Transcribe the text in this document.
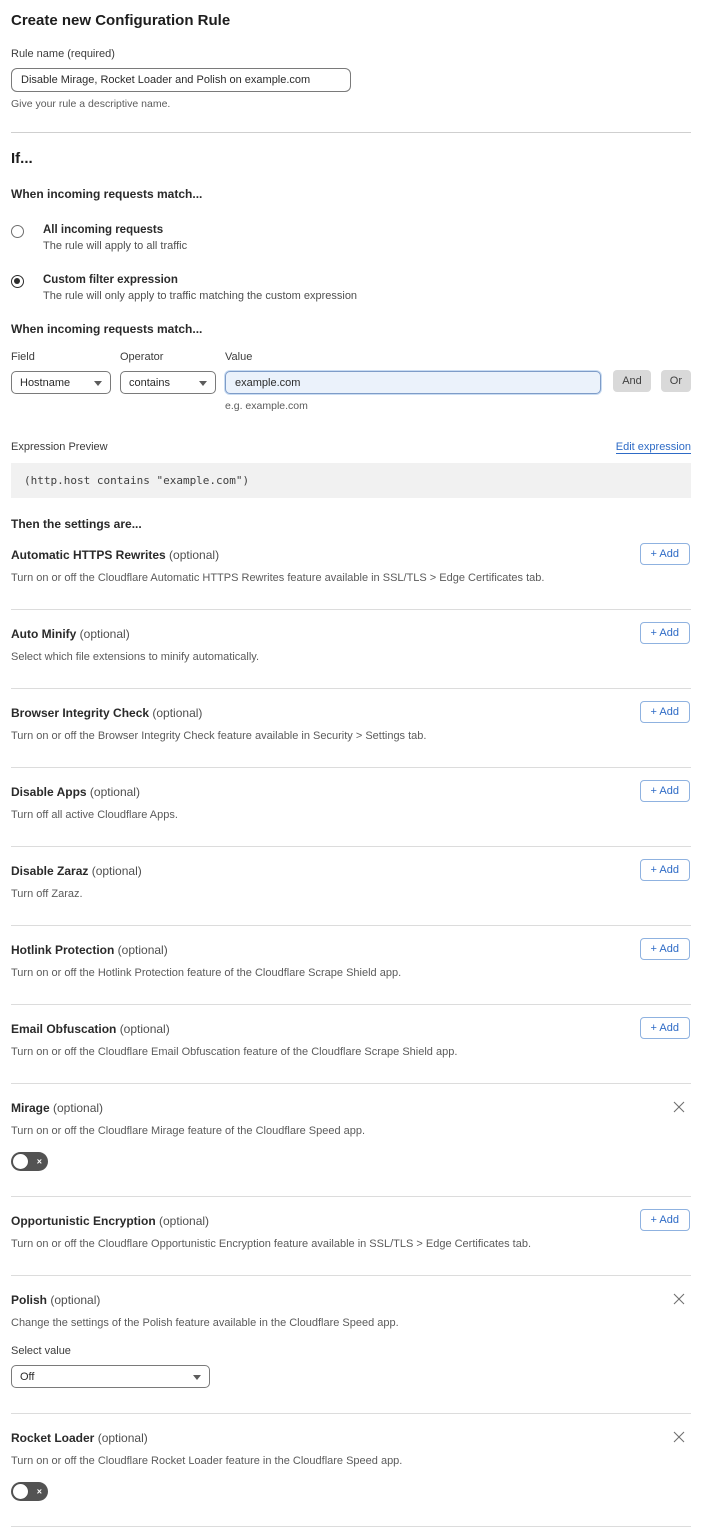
Create new Configuration Rule
Rule name (required)
Disable Mirage, Rocket Loader and Polish on example.com
Give your rule a descriptive name.
If...
When incoming requests match...
All incoming requests
The rule will apply to all traffic
Custom filter expression
The rule will only apply to traffic matching the custom expression
When incoming requests match...
Field
Hostname
Operator
contains
Value
example.com
e.g. example.com
And	Or
Expression Preview	Edit expression
(http.host contains "example.com")
Then the settings are...
Automatic HTTPS Rewrites (optional)	+ Add
Turn on or off the Cloudflare Automatic HTTPS Rewrites feature available in SSL/TLS > Edge Certificates tab.
Auto Minify (optional)	+ Add
Select which file extensions to minify automatically.
Browser Integrity Check (optional)	+ Add
Turn on or off the Browser Integrity Check feature available in Security > Settings tab.
Disable Apps (optional)	+ Add
Turn off all active Cloudflare Apps.
Disable Zaraz (optional)	+ Add
Turn off Zaraz.
Hotlink Protection (optional)	+ Add
Turn on or off the Hotlink Protection feature of the Cloudflare Scrape Shield app.
Email Obfuscation (optional)	+ Add
Turn on or off the Cloudflare Email Obfuscation feature of the Cloudflare Scrape Shield app.
Mirage (optional)
Turn on or off the Cloudflare Mirage feature of the Cloudflare Speed app.
×
Opportunistic Encryption (optional)	+ Add
Turn on or off the Cloudflare Opportunistic Encryption feature available in SSL/TLS > Edge Certificates tab.
Polish (optional)
Change the settings of the Polish feature available in the Cloudflare Speed app.
Select value
Off
Rocket Loader (optional)
Turn on or off the Cloudflare Rocket Loader feature in the Cloudflare Speed app.
×
